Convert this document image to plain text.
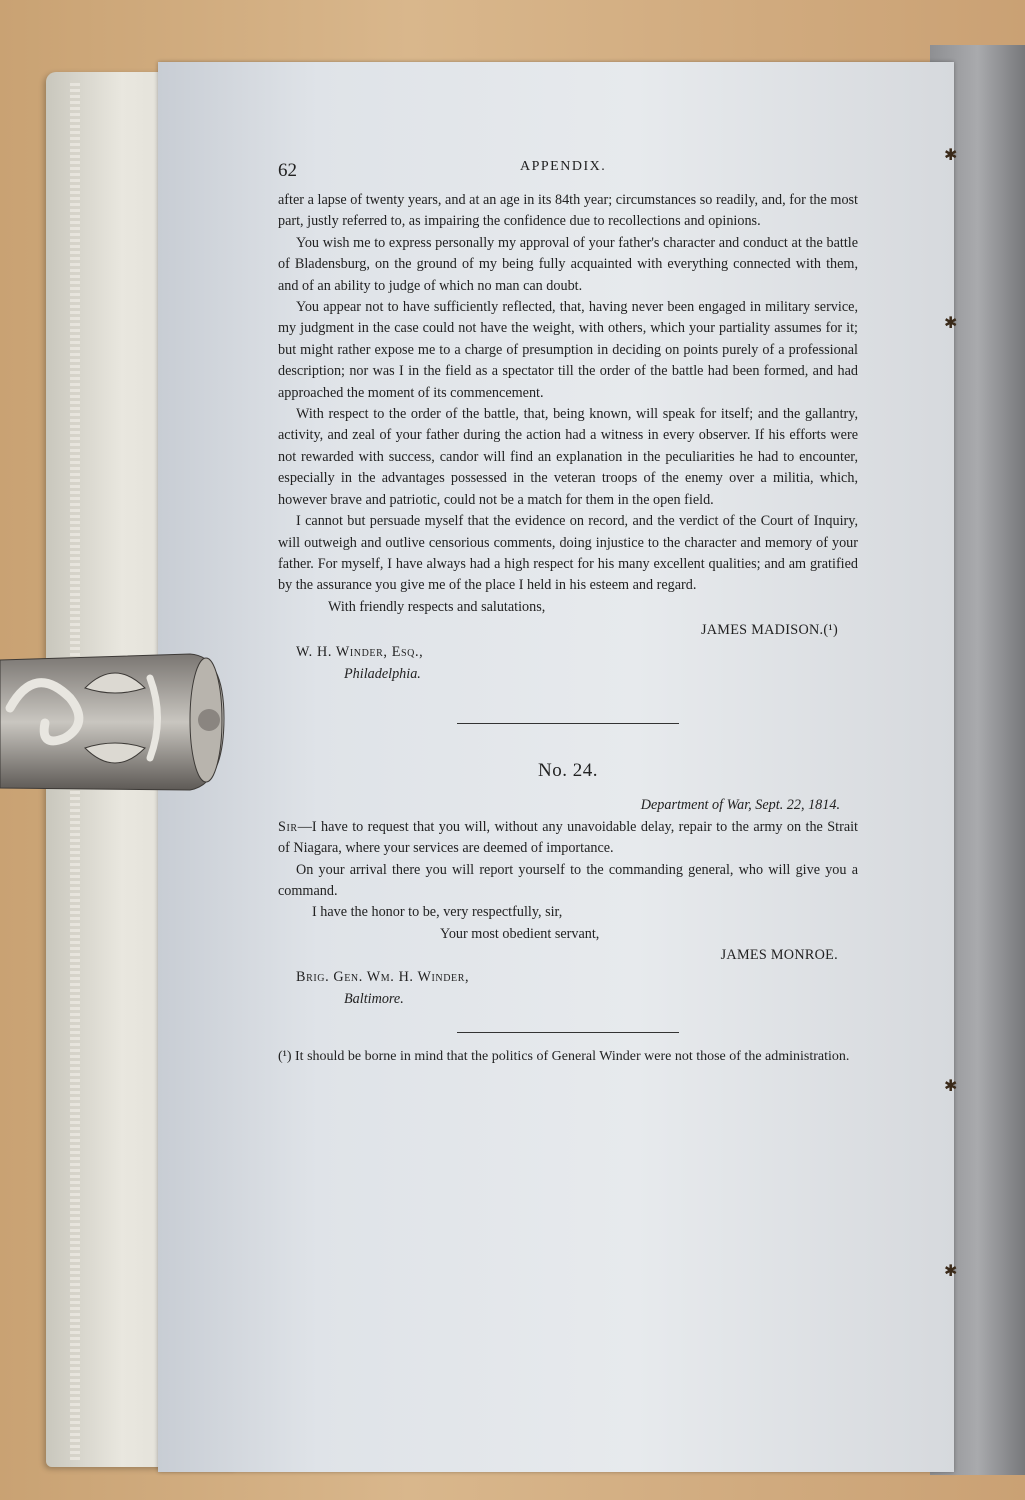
✱
✱
✱
✱
62	APPENDIX.

after a lapse of twenty years, and at an age in its 84th year; circumstances so readily, and, for the most part, justly referred to, as impairing the confidence due to recollections and opinions.

You wish me to express personally my approval of your father's character and conduct at the battle of Bladensburg, on the ground of my being fully acquainted with everything connected with them, and of an ability to judge of which no man can doubt.

You appear not to have sufficiently reflected, that, having never been engaged in military service, my judgment in the case could not have the weight, with others, which your partiality assumes for it; but might rather expose me to a charge of presumption in deciding on points purely of a professional description; nor was I in the field as a spectator till the order of the battle had been formed, and had approached the moment of its commencement.

With respect to the order of the battle, that, being known, will speak for itself; and the gallantry, activity, and zeal of your father during the action had a witness in every observer. If his efforts were not rewarded with success, candor will find an explanation in the peculiarities he had to encounter, especially in the advantages possessed in the veteran troops of the enemy over a militia, which, however brave and patriotic, could not be a match for them in the open field.

I cannot but persuade myself that the evidence on record, and the verdict of the Court of Inquiry, will outweigh and outlive censorious comments, doing injustice to the character and memory of your father. For myself, I have always had a high respect for his many excellent qualities; and am gratified by the assurance you give me of the place I held in his esteem and regard.

With friendly respects and salutations,

JAMES MADISON.(¹)

W. H. Winder, Esq.,

Philadelphia.

No. 24.

Department of War, Sept. 22, 1814.

Sir—I have to request that you will, without any unavoidable delay, repair to the army on the Strait of Niagara, where your services are deemed of importance.

On your arrival there you will report yourself to the commanding general, who will give you a command.

I have the honor to be, very respectfully, sir,

Your most obedient servant,

JAMES MONROE.

Brig. Gen. Wm. H. Winder,

Baltimore.

(¹) It should be borne in mind that the politics of General Winder were not those of the administration.
